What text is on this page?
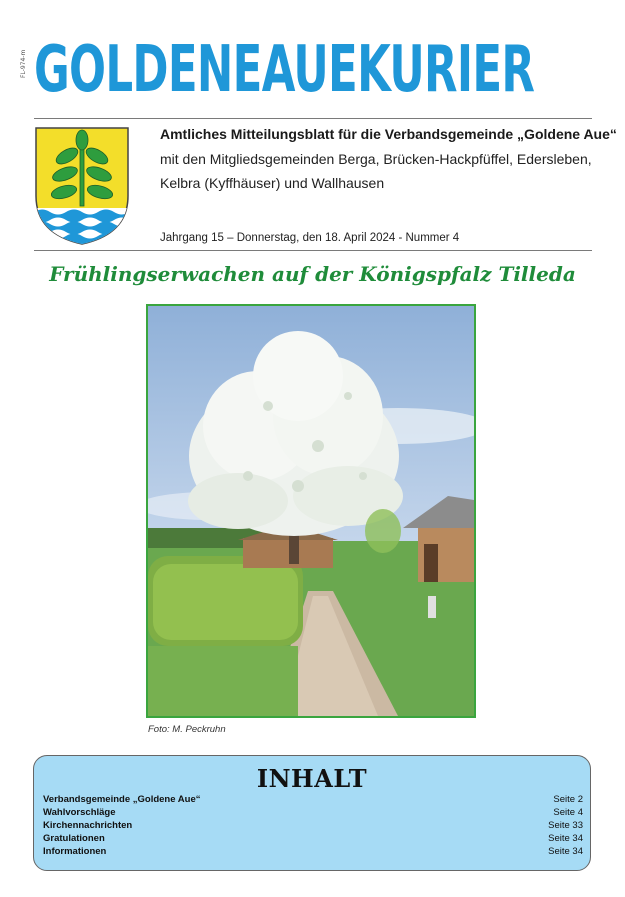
FL-974-m GOLDENEAUEKURIER
Amtliches Mitteilungsblatt für die Verbandsgemeinde „Goldene Aue“
mit den Mitgliedsgemeinden Berga, Brücken-Hackpfüffel, Edersleben,
Kelbra (Kyffhäuser) und Wallhausen
Jahrgang 15 – Donnerstag, den 18. April 2024 - Nummer 4
Frühlingserwachen auf der Königspfalz Tilleda
Foto: M. Peckruhn
INHALT
Verbandsgemeinde „Goldene Aue“	Seite 2
Wahlvorschläge	Seite 4
Kirchennachrichten	Seite 33
Gratulationen	Seite 34
Informationen	Seite 34
